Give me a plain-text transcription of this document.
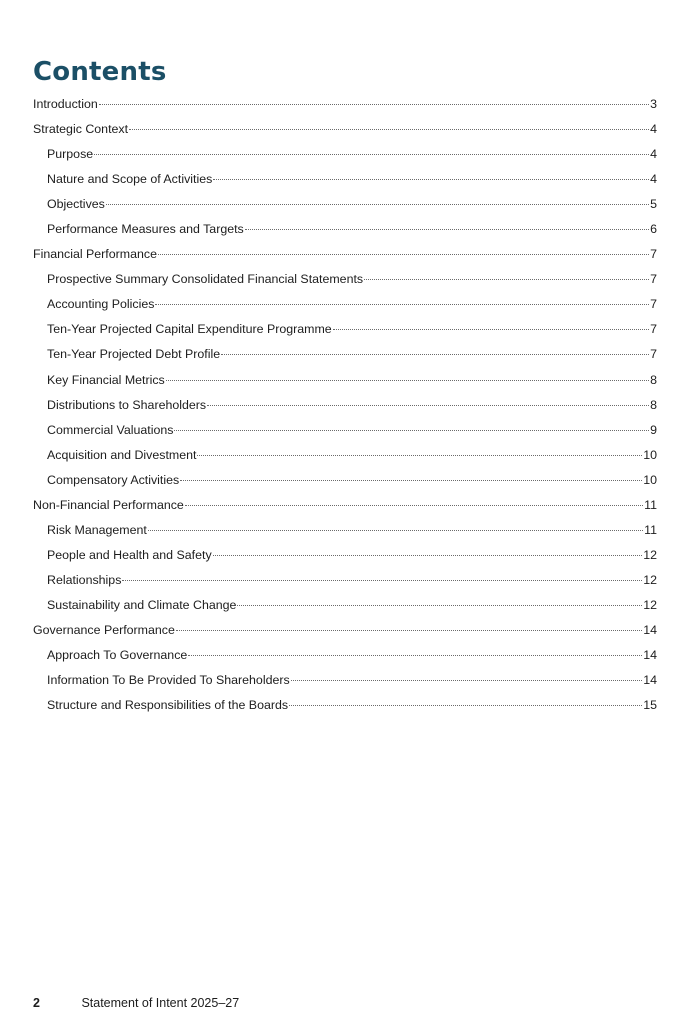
Contents
Introduction	3
Strategic Context	4
Purpose	4
Nature and Scope of Activities	4
Objectives	5
Performance Measures and Targets	6
Financial Performance	7
Prospective Summary Consolidated Financial Statements	7
Accounting Policies	7
Ten-Year Projected Capital Expenditure Programme	7
Ten-Year Projected Debt Profile	7
Key Financial Metrics	8
Distributions to Shareholders	8
Commercial Valuations	9
Acquisition and Divestment	10
Compensatory Activities	10
Non-Financial Performance	11
Risk Management	11
People and Health and Safety	12
Relationships	12
Sustainability and Climate Change	12
Governance Performance	14
Approach To Governance	14
Information To Be Provided To Shareholders	14
Structure and Responsibilities of the Boards	15
2	Statement of Intent 2025–27
